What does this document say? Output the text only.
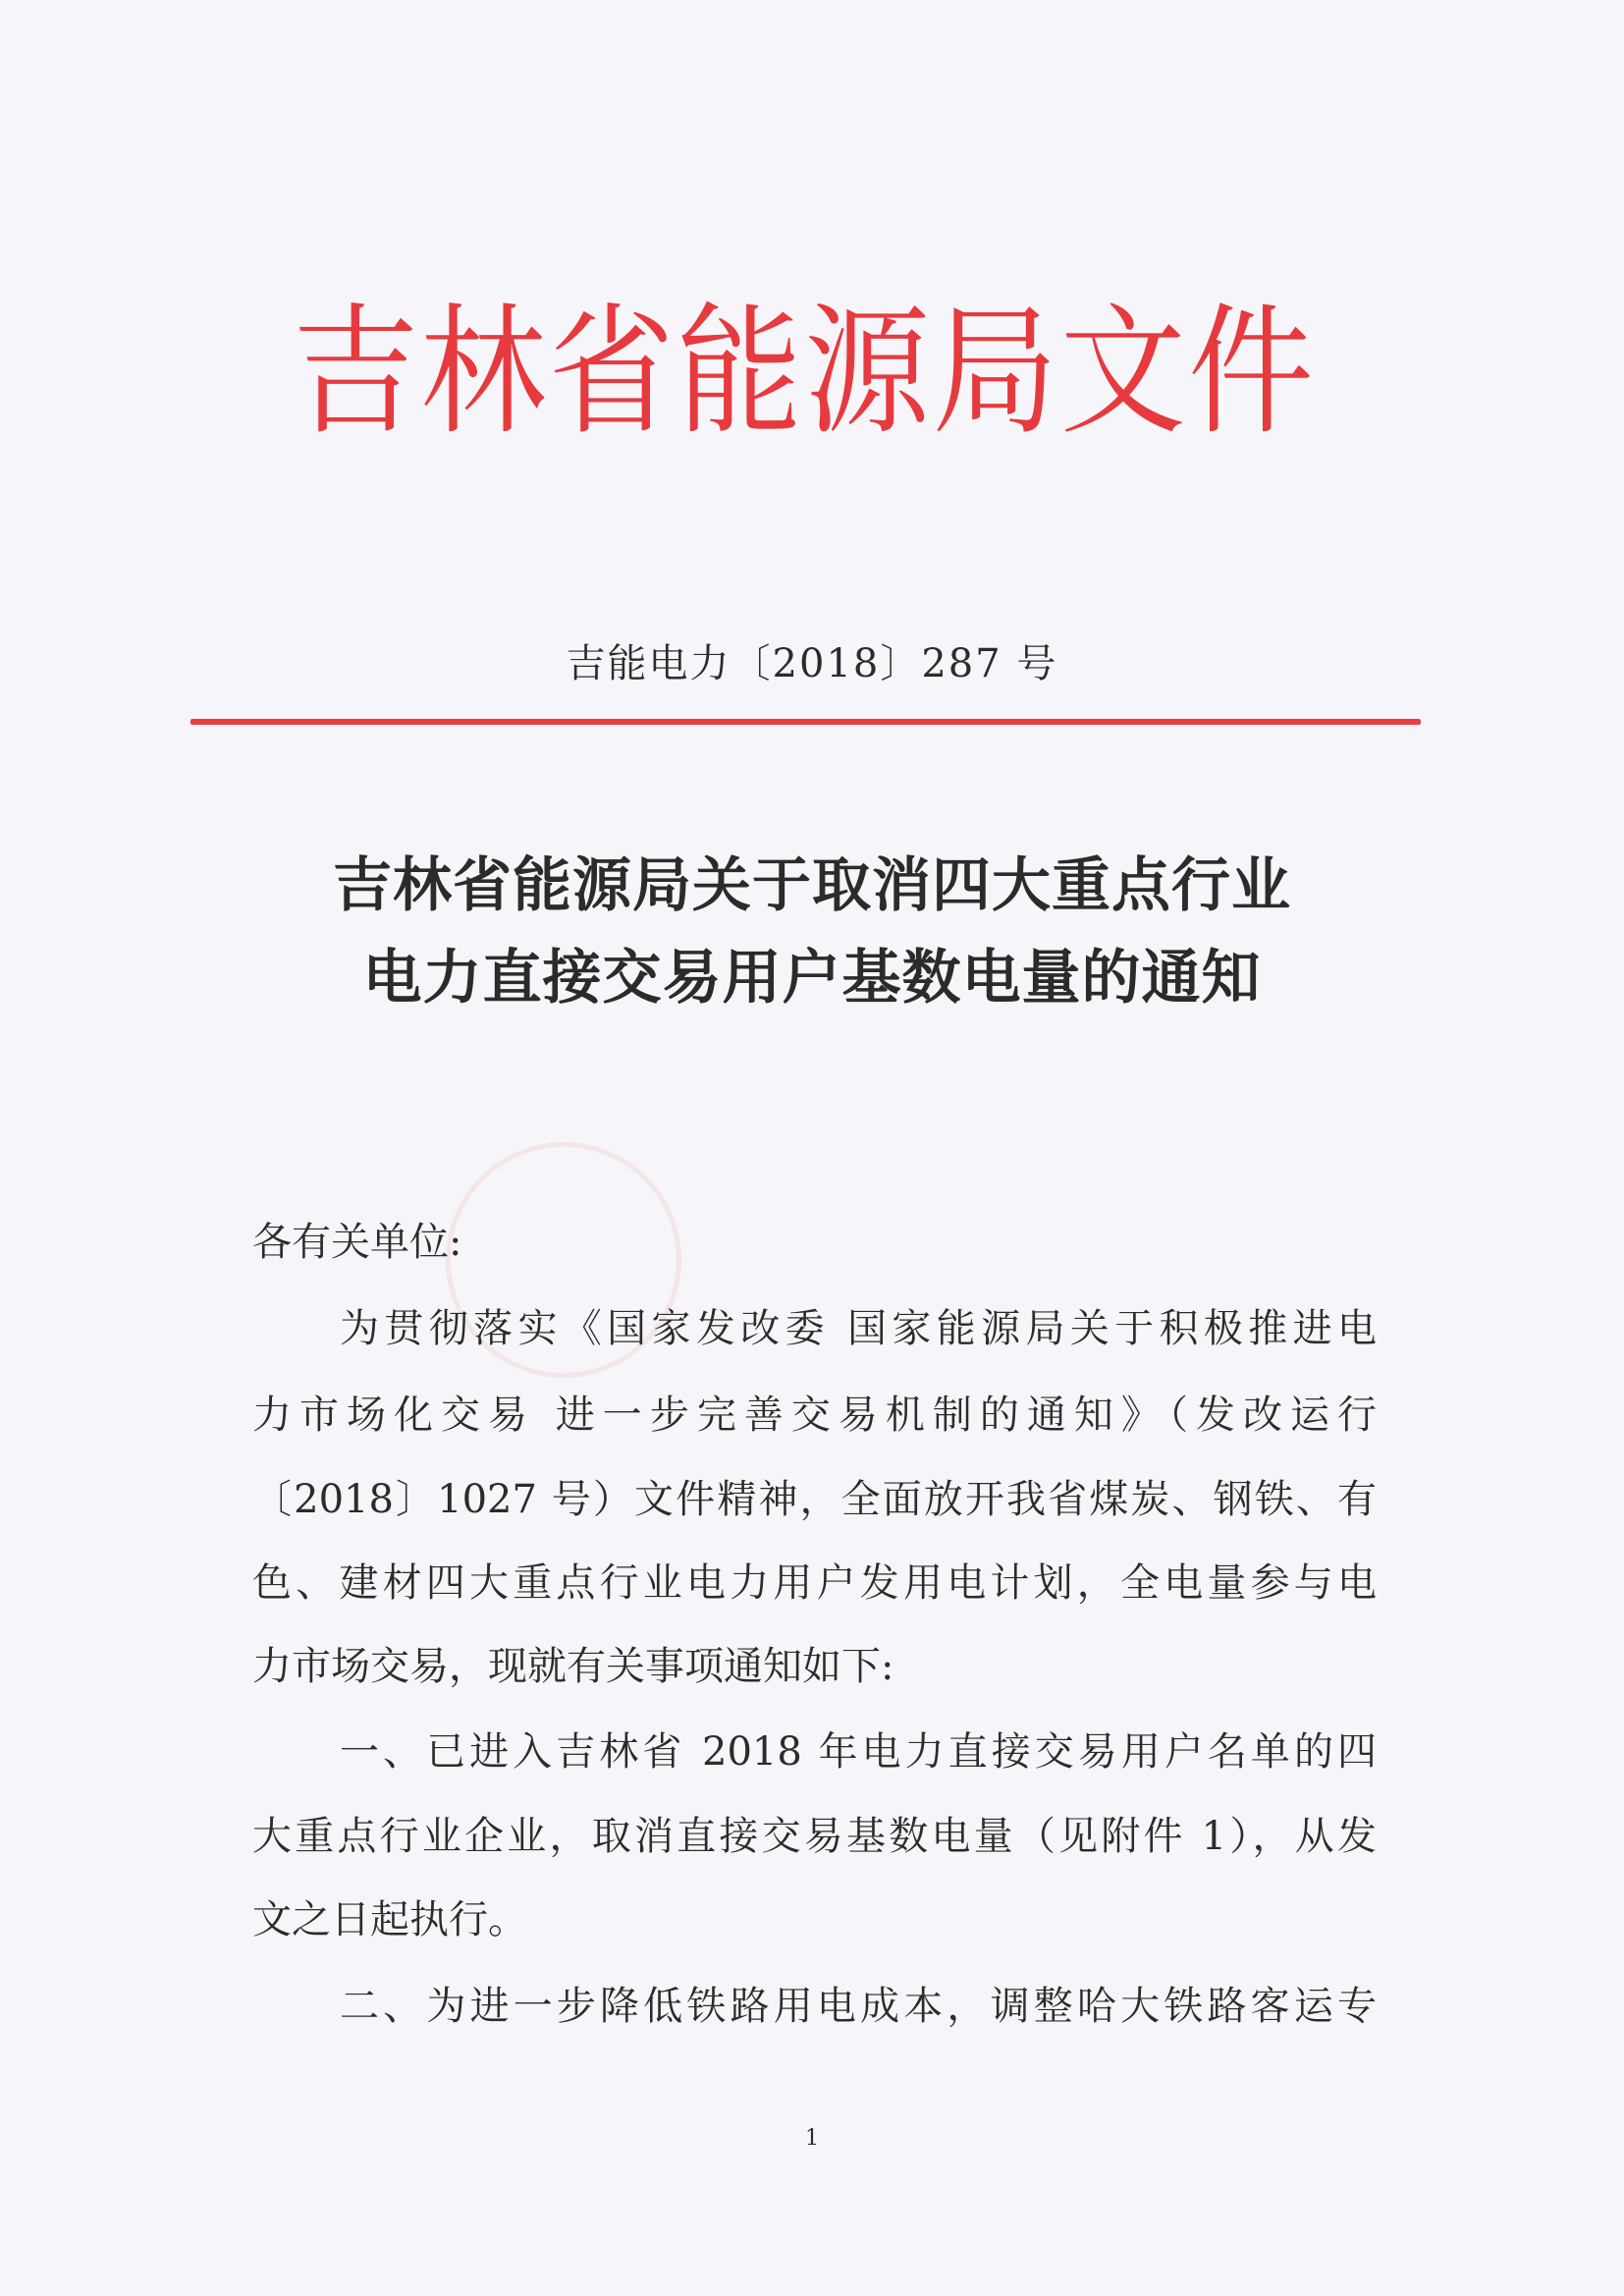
吉林省能源局文件
吉能电力〔2018〕287 号
吉林省能源局关于取消四大重点行业
电力直接交易用户基数电量的通知
各有关单位:
为贯彻落实《国家发改委 国家能源局关于积极推进电
力市场化交易 进一步完善交易机制的通知》（发改运行
〔2018〕1027 号）文件精神，全面放开我省煤炭、钢铁、有
色、建材四大重点行业电力用户发用电计划，全电量参与电
力市场交易，现就有关事项通知如下:
一、已进入吉林省 2018 年电力直接交易用户名单的四
大重点行业企业，取消直接交易基数电量（见附件 1），从发
文之日起执行。
二、为进一步降低铁路用电成本，调整哈大铁路客运专
1
